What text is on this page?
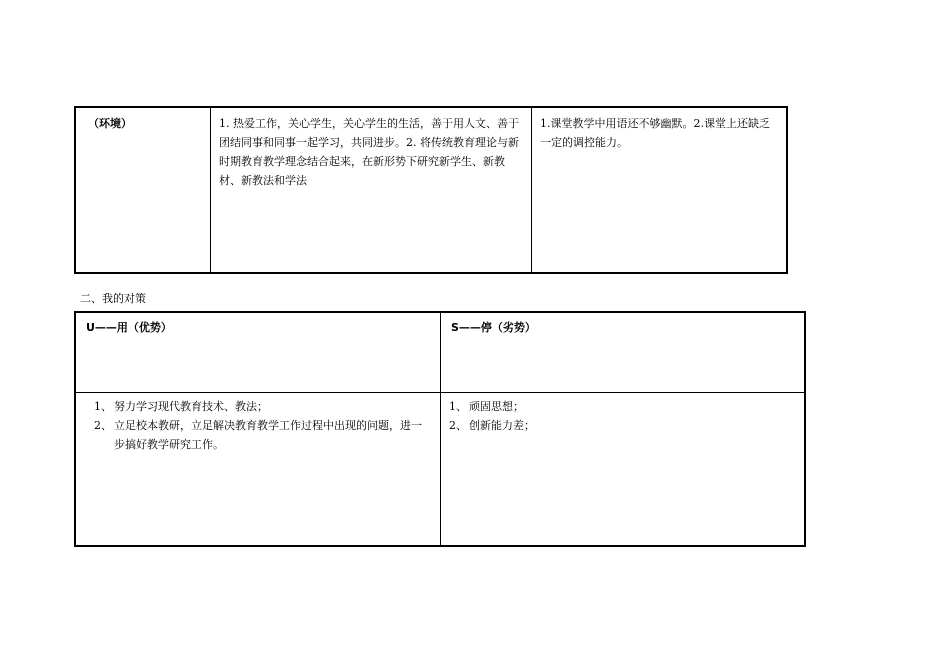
（环境）	1. 热爱工作，关心学生，关心学生的生活，善于用人文、善于团结同事和同事一起学习，共同进步。2. 将传统教育理论与新时期教育教学理念结合起来，在新形势下研究新学生、新教材、新教法和学法
1.课堂教学中用语还不够幽默。2.课堂上还缺乏一定的调控能力。
二、我的对策
U——用（优势）	S——停（劣势）
1、 努力学习现代教育技术、教法；
2、 立足校本教研，立足解决教育教学工作过程中出现的问题，进一步搞好教学研究工作。
1、 顽固思想；
2、 创新能力差；
